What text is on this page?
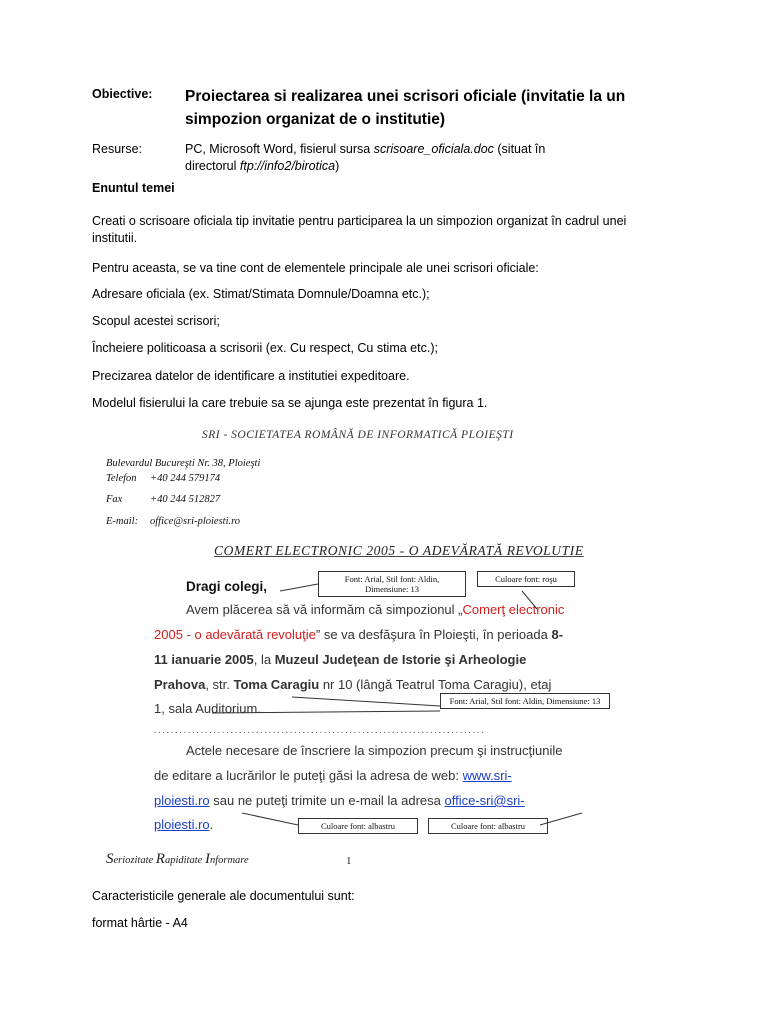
Obiective: Proiectarea si realizarea unei scrisori oficiale (invitatie la un
simpozion organizat de o institutie)
Resurse:	PC, Microsoft Word, fisierul sursa scrisoare_oficiala.doc (situat în
directorul ftp://info2/birotica)
Enuntul temei
Creati o scrisoare oficiala tip invitatie pentru participarea la un simpozion organizat în cadrul unei
institutii.
Pentru aceasta, se va tine cont de elementele principale ale unei scrisori oficiale:
Adresare oficiala (ex. Stimat/Stimata Domnule/Doamna etc.);
Scopul acestei scrisori;
Încheiere politicoasa a scrisorii (ex. Cu respect, Cu stima etc.);
Precizarea datelor de identificare a institutiei expeditoare.
Modelul fisierului la care trebuie sa se ajunga este prezentat în figura 1.
SRI - SOCIETATEA ROMÂNĂ DE INFORMATICĂ PLOIEŞTI
Bulevardul Bucureşti Nr. 38, Ploieşti
Telefon +40 244 579174
Fax	+40 244 512827
E-mail: office@sri-ploiesti.ro
COMERT ELECTRONIC 2005 - O ADEVĂRATĂ REVOLUTIE
Dragi colegi,	Font: Arial, Stil font: Aldin, Dimensiune: 13
Culoare font: roşu
Avem plăcerea să vă informăm că simpozionul „Comerţ electronic
2005 - o adevărată revoluţie” se va desfăşura în Ploieşti, în perioada 8-
11 ianuarie 2005, la Muzeul Judeţean de Istorie şi Arheologie
Prahova, str. Toma Caragiu nr 10 (lângă Teatrul Toma Caragiu), etaj
1, sala Auditorium.	Font: Arial, Stil font: Aldin, Dimensiune: 13
..............................................................................
Actele necesare de înscriere la simpozion precum şi instrucţiunile
de editare a lucrărilor le puteţi găsi la adresa de web: www.sri-
ploiesti.ro sau ne puteţi trimite un e-mail la adresa office-sri@sri-
ploiesti.ro.	Culoare font: albastru	Culoare font: albastru
Seriozitate Rapiditate Informare	1
Caracteristicile generale ale documentului sunt:
format hârtie - A4
